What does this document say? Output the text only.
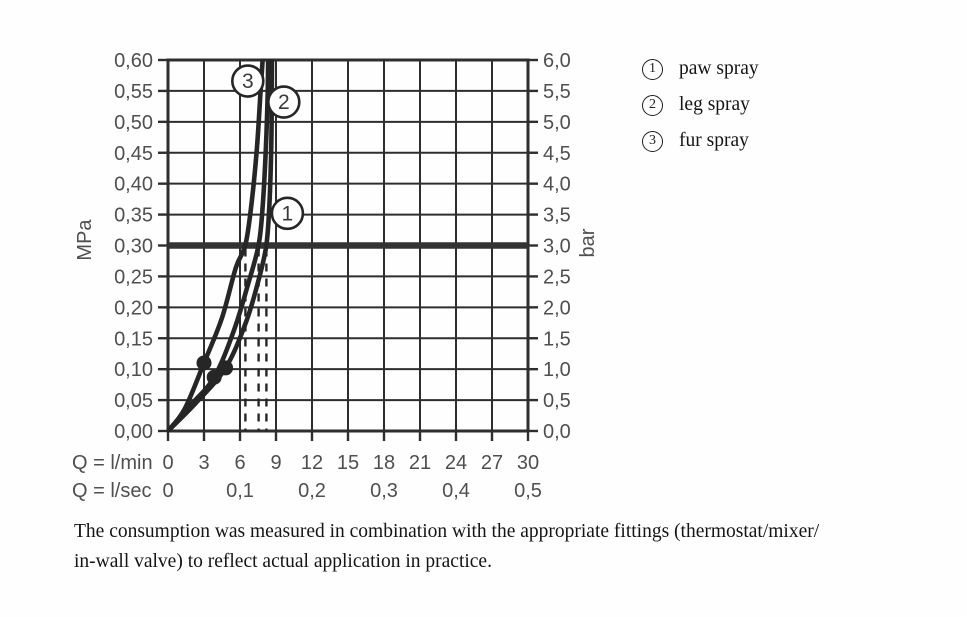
0,60	6,0
0,55	5,5
0,50	5,0
0,45	4,5
0,40	4,0
0,35	3,5
0,30	3,0
0,25	2,5
0,20	2,0
0,15	1,5
0,10	1,0
0,05	0,5
0,00	0,0
0 3 6 9 12 15 18 21 24 27 30
0	0,1 0,2 0,3 0,4 0,5
MPa	bar
Q = l/min
Q = l/sec
3
2
1
1	paw spray
2	leg spray
3	fur spray
The consumption was measured in combination with the appropriate fittings (thermostat/mixer/
in-wall valve) to reflect actual application in practice.
